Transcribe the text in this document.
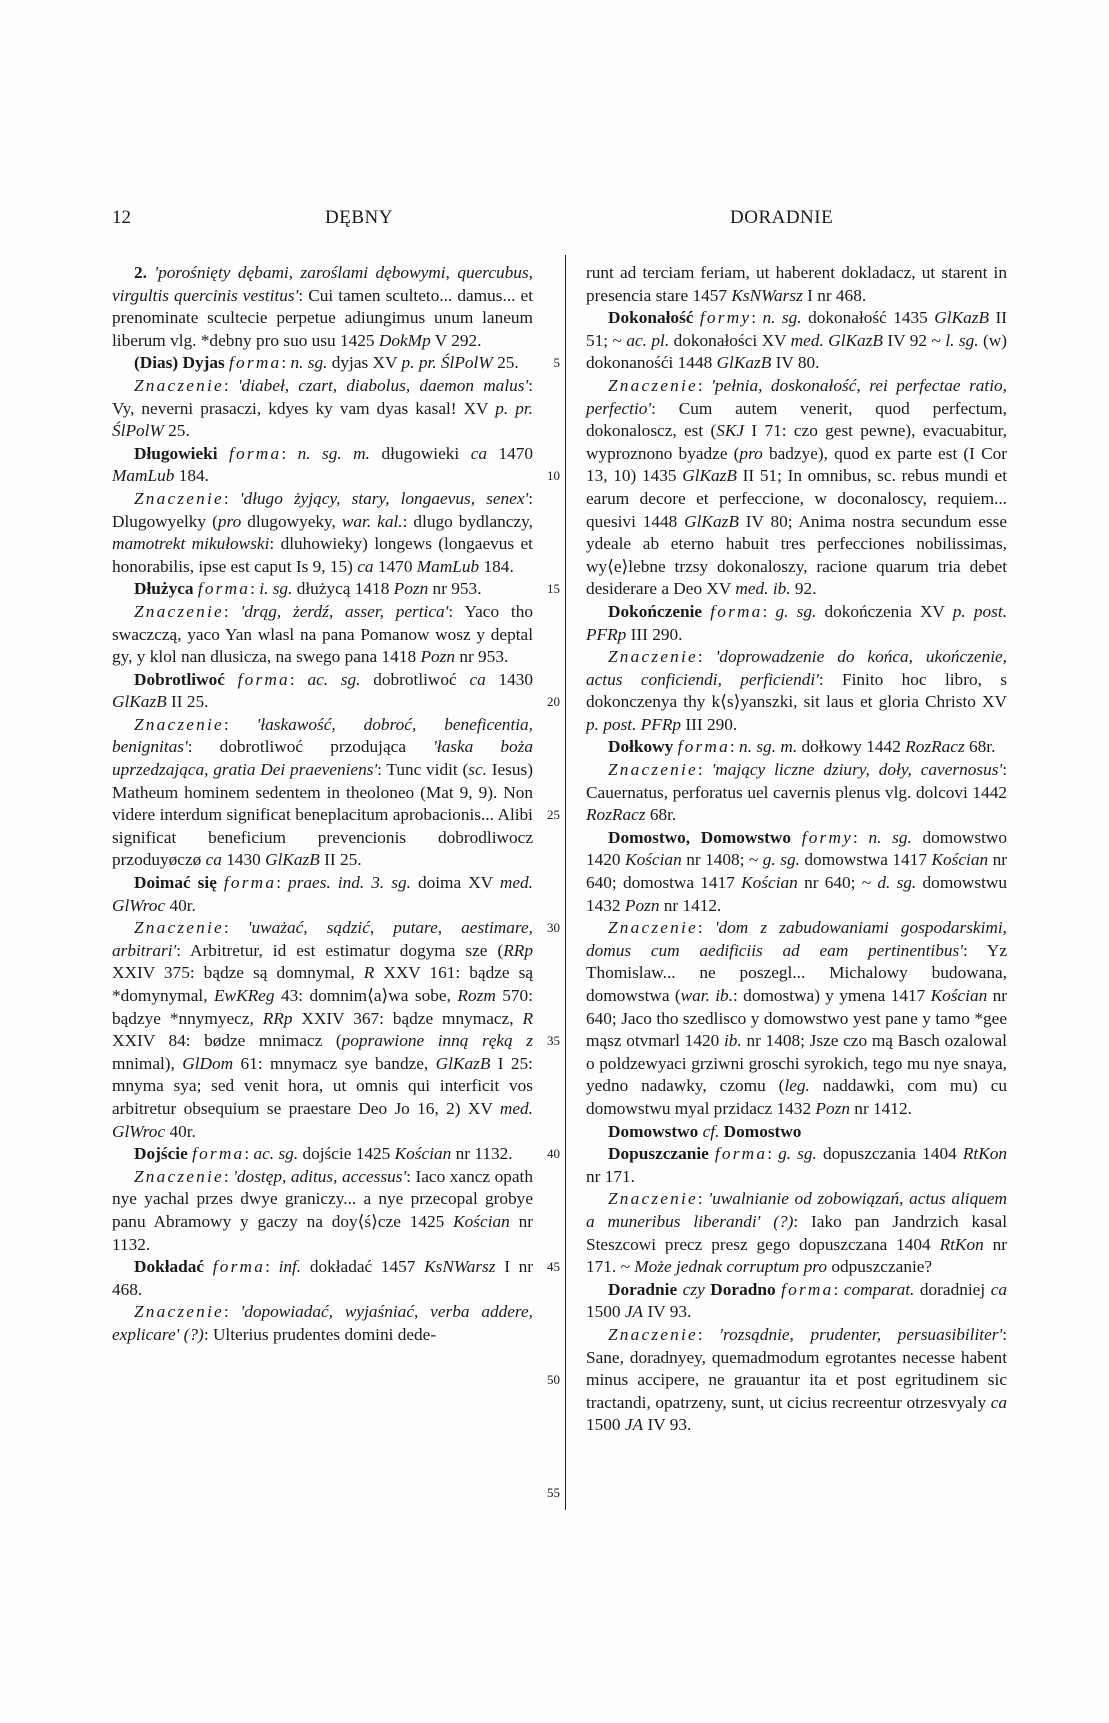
12	DĘBNY	DORADNIE

2. 'porośnięty dębami, zaroślami dębowymi, quercubus, virgultis quercinis vestitus': Cui tamen sculteto... damus... et prenominate scultecie perpetue adiungimus unum laneum liberum vlg. *debny pro suo usu 1425 DokMp V 292.

(Dias) Dyjas forma: n. sg. dyjas XV p. pr. ŚlPolW 25.

Znaczenie: 'diabeł, czart, diabolus, daemon malus': Vy, neverni prasaczi, kdyes ky vam dyas kasal! XV p. pr. ŚlPolW 25.

Długowieki forma: n. sg. m. długowieki ca 1470 MamLub 184.

Znaczenie: 'długo żyjący, stary, longaevus, senex': Dlugowyelky (pro dlugowyeky, war. kal.: dlugo bydlanczy, mamotrekt mikułowski: dluhowieky) longews (longaevus et honorabilis, ipse est caput Is 9, 15) ca 1470 MamLub 184.

Dłużyca forma: i. sg. dłużycą 1418 Pozn nr 953.

Znaczenie: 'drąg, żerdź, asser, pertica': Yaco tho swaczczą, yaco Yan wlasl na pana Pomanow wosz y deptal gy, y klol nan dlusicza, na swego pana 1418 Pozn nr 953.

Dobrotliwoć forma: ac. sg. dobrotliwoć ca 1430 GlKazB II 25.

Znaczenie: 'łaskawość, dobroć, beneficentia, benignitas': dobrotliwoć przodująca 'łaska boża uprzedzająca, gratia Dei praeveniens': Tunc vidit (sc. Iesus) Matheum hominem sedentem in theoloneo (Mat 9, 9). Non videre interdum significat beneplacitum aprobacionis... Alibi significat beneficium prevencionis dobrodliwocz przoduyøczø ca 1430 GlKazB II 25.

Doimać się forma: praes. ind. 3. sg. doima XV med. GlWroc 40r.

Znaczenie: 'uważać, sądzić, putare, aestimare, arbitrari': Arbitretur, id est estimatur dogyma sze (RRp XXIV 375: bądze są domnymal, R XXV 161: bądze są *domynymal, EwKReg 43: domnim⟨a⟩wa sobe, Rozm 570: bądzye *nnymyecz, RRp XXIV 367: bądze mnymacz, R XXIV 84: bødze mnimacz (poprawione inną ręką z mnimal), GlDom 61: mnymacz sye bandze, GlKazB I 25: mnyma sya; sed venit hora, ut omnis qui interficit vos arbitretur obsequium se praestare Deo Jo 16, 2) XV med. GlWroc 40r.

Dojście forma: ac. sg. dojście 1425 Kościan nr 1132.

Znaczenie: 'dostęp, aditus, accessus': Iaco xancz opath nye yachal przes dwye graniczy... a nye przecopal grobye panu Abramowy y gaczy na doy⟨ś⟩cze 1425 Kościan nr 1132.

Dokładać forma: inf. dokładać 1457 KsNWarsz I nr 468.

Znaczenie: 'dopowiadać, wyjaśniać, verba addere, explicare' (?): Ulterius prudentes domini dede-

5
10
15
20
25
30
35
40
45
50
55

runt ad terciam feriam, ut haberent dokladacz, ut starent in presencia stare 1457 KsNWarsz I nr 468.

Dokonałość formy: n. sg. dokonałość 1435 GlKazB II 51; ~ ac. pl. dokonałości XV med. GlKazB IV 92 ~ l. sg. (w) dokonanośći 1448 GlKazB IV 80.

Znaczenie: 'pełnia, doskonałość, rei perfectae ratio, perfectio': Cum autem venerit, quod perfectum, dokonaloscz, est (SKJ I 71: czo gest pewne), evacuabitur, wyproznono byadze (pro badzye), quod ex parte est (I Cor 13, 10) 1435 GlKazB II 51; In omnibus, sc. rebus mundi et earum decore et perfeccione, w doconaloscy, requiem... quesivi 1448 GlKazB IV 80; Anima nostra secundum esse ydeale ab eterno habuit tres perfecciones nobilissimas, wy⟨e⟩lebne trzsy dokonaloszy, racione quarum tria debet desiderare a Deo XV med. ib. 92.

Dokończenie forma: g. sg. dokończenia XV p. post. PFRp III 290.

Znaczenie: 'doprowadzenie do końca, ukończenie, actus conficiendi, perficiendi': Finito hoc libro, s dokonczenya thy k⟨s⟩yanszki, sit laus et gloria Christo XV p. post. PFRp III 290.

Dołkowy forma: n. sg. m. dołkowy 1442 RozRacz 68r.

Znaczenie: 'mający liczne dziury, doły, cavernosus': Cauernatus, perforatus uel cavernis plenus vlg. dolcovi 1442 RozRacz 68r.

Domostwo, Domowstwo formy: n. sg. domowstwo 1420 Kościan nr 1408; ~ g. sg. domowstwa 1417 Kościan nr 640; domostwa 1417 Kościan nr 640; ~ d. sg. domowstwu 1432 Pozn nr 1412.

Znaczenie: 'dom z zabudowaniami gospodarskimi, domus cum aedificiis ad eam pertinentibus': Yz Thomislaw... ne poszegl... Michalowy budowana, domowstwa (war. ib.: domostwa) y ymena 1417 Kościan nr 640; Jaco tho szedlisco y domowstwo yest pane y tamo *gee mąsz otvmarl 1420 ib. nr 1408; Jsze czo mą Basch ozalowal o poldzewyaci grziwni groschi syrokich, tego mu nye snaya, yedno nadawky, czomu (leg. naddawki, com mu) cu domowstwu myal przidacz 1432 Pozn nr 1412.

Domowstwo cf. Domostwo

Dopuszczanie forma: g. sg. dopuszczania 1404 RtKon nr 171.

Znaczenie: 'uwalnianie od zobowiązań, actus aliquem a muneribus liberandi' (?): Iako pan Jandrzich kasal Steszcowi precz presz gego dopuszczana 1404 RtKon nr 171. ~ Może jednak corruptum pro odpuszczanie?

Doradnie czy Doradno forma: comparat. doradniej ca 1500 JA IV 93.

Znaczenie: 'rozsądnie, prudenter, persuasibiliter': Sane, doradnyey, quemadmodum egrotantes necesse habent minus accipere, ne grauantur ita et post egritudinem sic tractandi, opatrzeny, sunt, ut cicius recreentur otrzesvyaly ca 1500 JA IV 93.
